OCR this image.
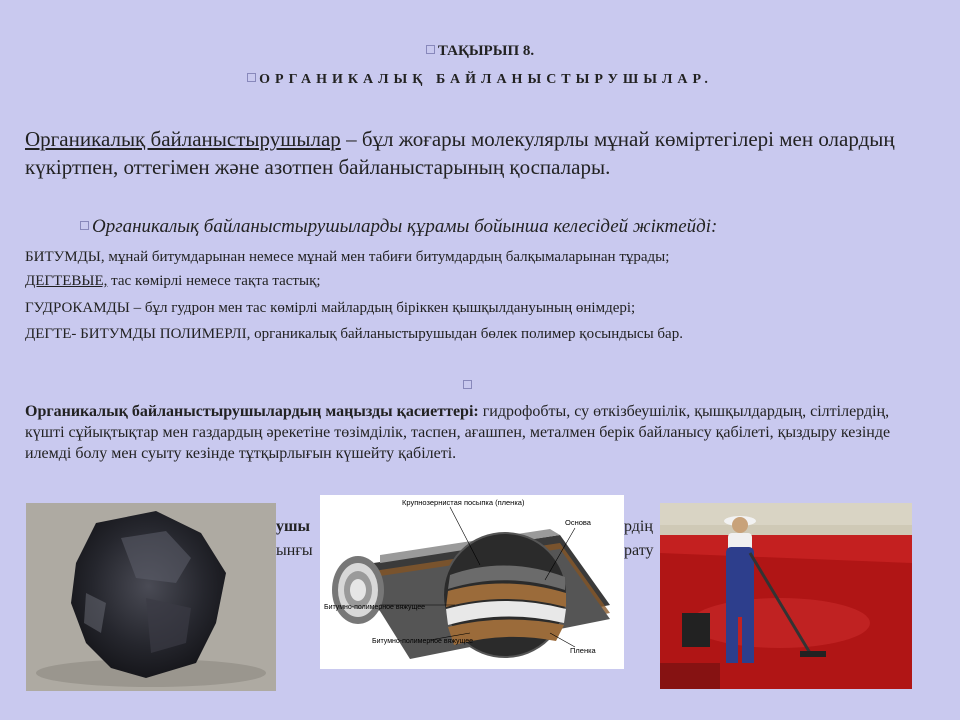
ТАҚЫРЫП 8.
ОРГАНИКАЛЫҚ БАЙЛАНЫСТЫРУШЫЛАР.
Органикалық байланыстырушылар – бұл жоғары молекулярлы мұнай көміртегілері мен олардың күкіртпен, оттегімен және азотпен байланыстарының қоспалары.
Органикалық байланыстырушыларды құрамы бойынша келесідей жіктейді:
БИТУМДЫ, мұнай битумдарынан немесе мұнай мен табиғи битумдардың балқымаларынан тұрады;
ДЕГТЕВЫЕ, тас көмірлі немесе тақта тастық;
ГУДРОКАМДЫ – бұл гудрон мен тас көмірлі майлардың біріккен қышқылдануының өнімдері;
ДЕГТЕ- БИТУМДЫ ПОЛИМЕРЛІ, органикалық байланыстырушыдан бөлек полимер қосындысы бар.
Органикалық байланыстырушылардың маңызды қасиеттері: гидрофобты, су өткізбеушілік, қышқылдардың, сілтілердің, күшті сұйықтықтар мен газдардың әрекетіне төзімділік, таспен, ағашпен, металмен берік байланысу қабілеті, қыздыру кезінде илемді болу мен суыту кезінде тұтқырлығын күшейту қабілеті.
ушы
ынғы
рдің
рату
Крупнозернистая посыпка (пленка)
Основа
Битумно-полимерное вяжущее
Битумно-полимерное вяжущее
Пленка
